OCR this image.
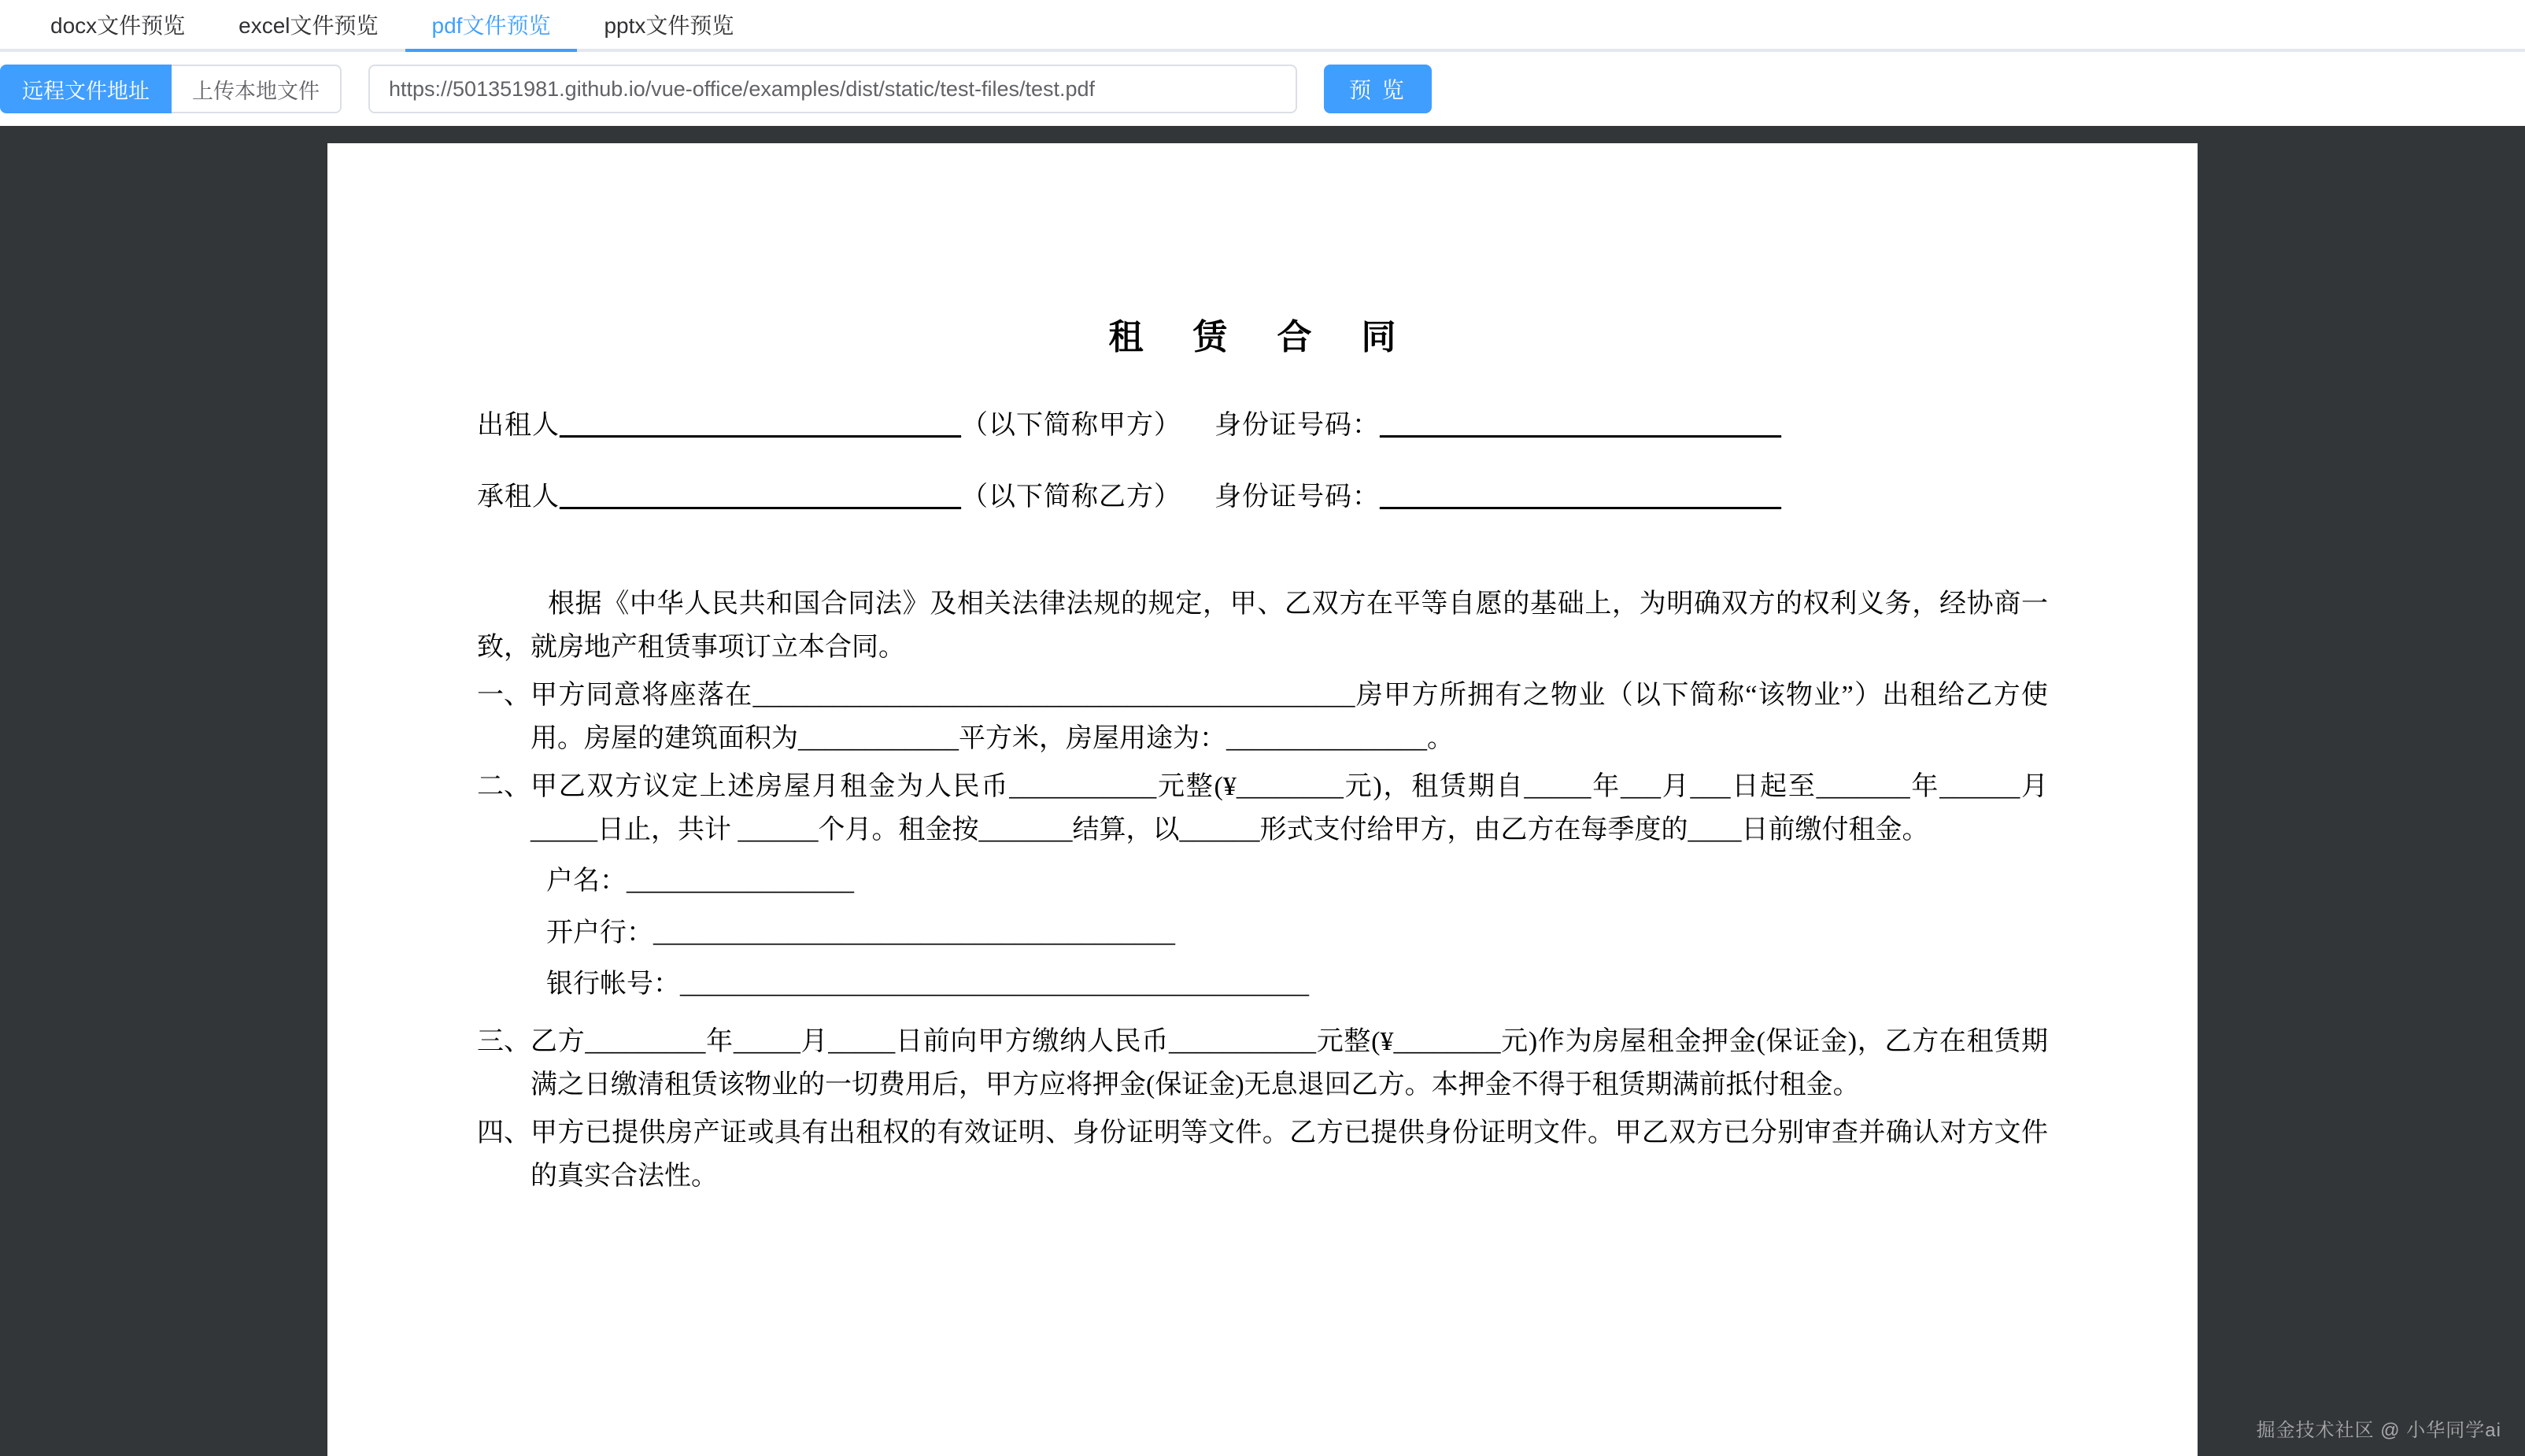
docx文件预览 excel文件预览 pdf文件预览 pptx文件预览
远程文件地址 上传本地文件
https://501351981.github.io/vue-office/examples/dist/static/test-files/test.pdf	预 览
租 赁 合 同
出租人______________________________（以下简称甲方） 身份证号码：______________________________
承租人______________________________（以下简称乙方） 身份证号码：______________________________
根据《中华人民共和国合同法》及相关法律法规的规定，甲、乙双方在平等自愿的基础上，为明确双方的权利义务，经协商一致，就房地产租赁事项订立本合同。
一、 甲方同意将座落在_____________________________________________房甲方所拥有之物业（以下简称“该物业”）出租给乙方使用。房屋的建筑面积为____________平方米，房屋用途为：_______________。
二、 甲乙双方议定上述房屋月租金为人民币___________元整(¥________元)，租赁期自_____年___月___日起至_______年______月_____日止，共计 ______个月。租金按_______结算，以______形式支付给甲方，由乙方在每季度的____日前缴付租金。
户名：_________________
开户行：_______________________________________
银行帐号：_______________________________________________
三、 乙方_________年_____月_____日前向甲方缴纳人民币___________元整(¥________元)作为房屋租金押金(保证金)，乙方在租赁期满之日缴清租赁该物业的一切费用后，甲方应将押金(保证金)无息退回乙方。本押金不得于租赁期满前抵付租金。
四、 甲方已提供房产证或具有出租权的有效证明、身份证明等文件。乙方已提供身份证明文件。甲乙双方已分别审查并确认对方文件的真实合法性。
掘金技术社区 @ 小华同学ai
